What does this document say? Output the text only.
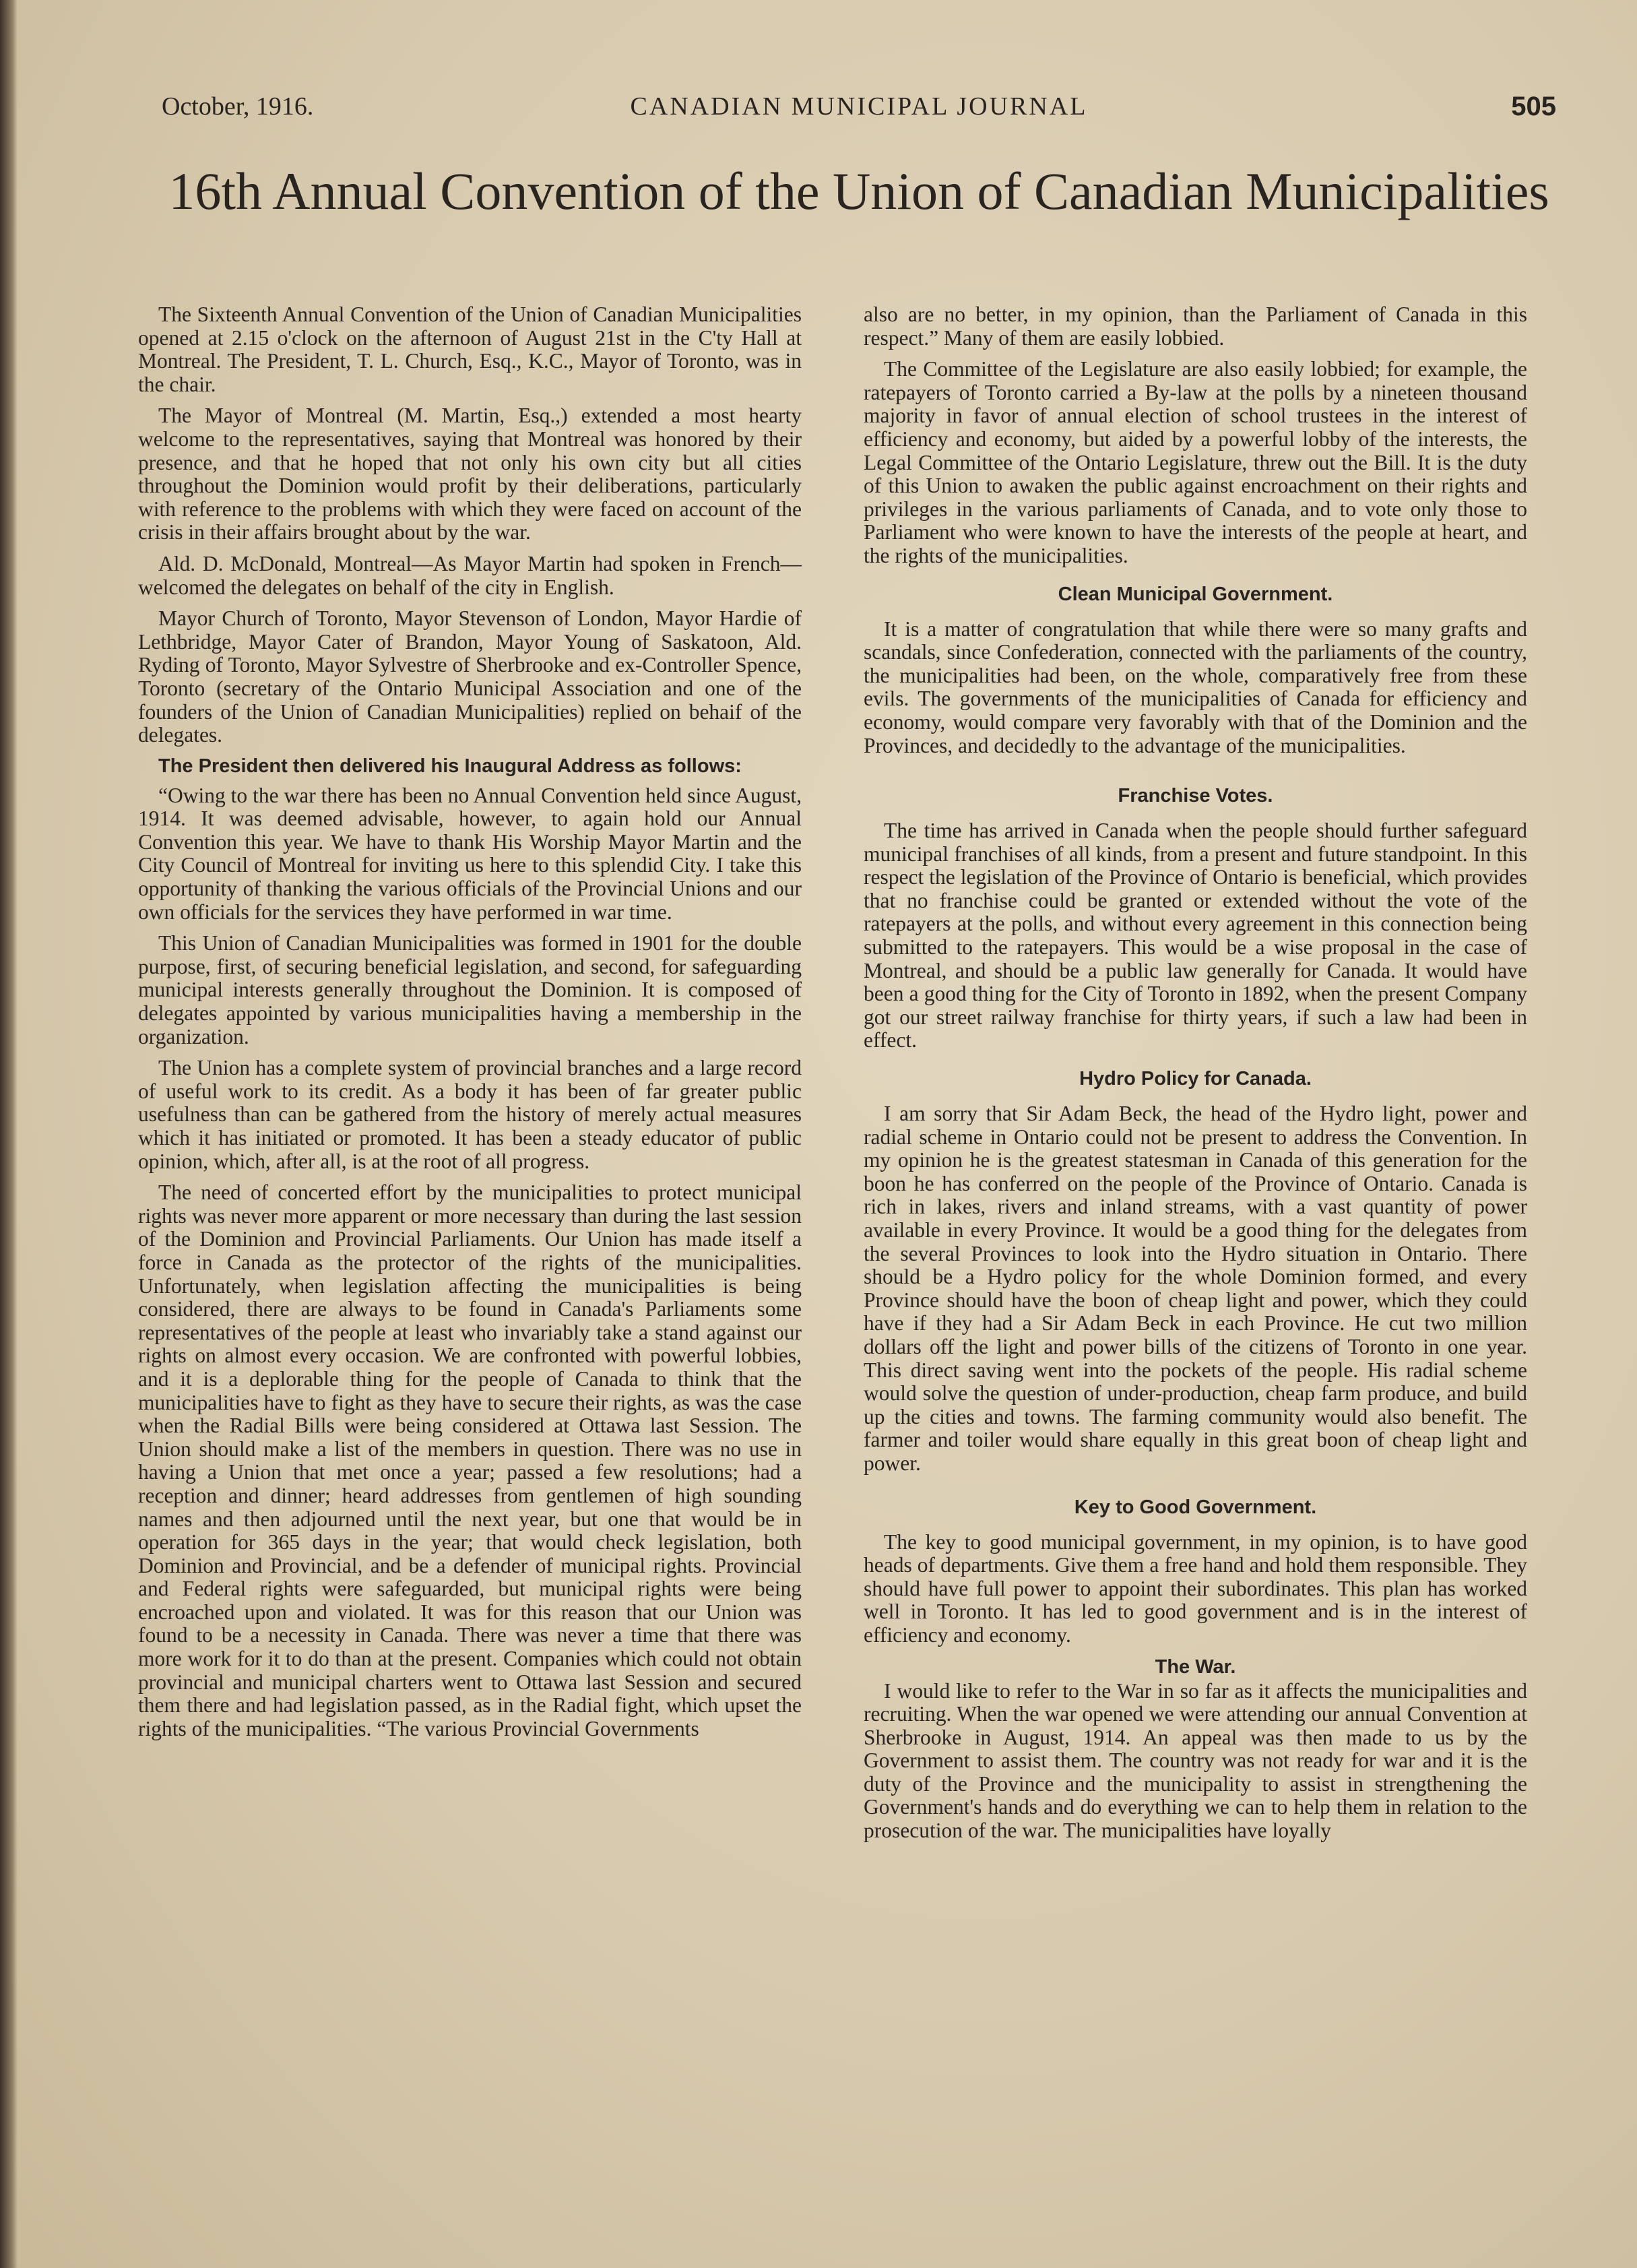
October, 1916.	CANADIAN MUNICIPAL JOURNAL	505
16th Annual Convention of the Union of Canadian Municipalities

The Sixteenth Annual Convention of the Union of Canadian Municipalities opened at 2.15 o'clock on the afternoon of August 21st in the C'ty Hall at Montreal. The President, T. L. Church, Esq., K.C., Mayor of Toronto, was in the chair.

The Mayor of Montreal (M. Martin, Esq.,) extended a most hearty welcome to the representatives, saying that Montreal was honored by their presence, and that he hoped that not only his own city but all cities throughout the Dominion would profit by their deliberations, particularly with reference to the problems with which they were faced on account of the crisis in their affairs brought about by the war.

Ald. D. McDonald, Montreal—As Mayor Martin had spoken in French—welcomed the delegates on behalf of the city in English.

Mayor Church of Toronto, Mayor Stevenson of London, Mayor Hardie of Lethbridge, Mayor Cater of Brandon, Mayor Young of Saskatoon, Ald. Ryding of Toronto, Mayor Sylvestre of Sherbrooke and ex-Controller Spence, Toronto (secretary of the Ontario Municipal Association and one of the founders of the Union of Canadian Municipalities) replied on behaif of the delegates.

The President then delivered his Inaugural Address as follows:

“Owing to the war there has been no Annual Convention held since August, 1914. It was deemed advisable, however, to again hold our Annual Convention this year. We have to thank His Worship Mayor Martin and the City Council of Montreal for inviting us here to this splendid City. I take this opportunity of thanking the various officials of the Provincial Unions and our own officials for the services they have performed in war time.

This Union of Canadian Municipalities was formed in 1901 for the double purpose, first, of securing beneficial legislation, and second, for safeguarding municipal interests generally throughout the Dominion. It is composed of delegates appointed by various municipalities having a membership in the organization.

The Union has a complete system of provincial branches and a large record of useful work to its credit. As a body it has been of far greater public usefulness than can be gathered from the history of merely actual measures which it has initiated or promoted. It has been a steady educator of public opinion, which, after all, is at the root of all progress.

The need of concerted effort by the municipalities to protect municipal rights was never more apparent or more necessary than during the last session of the Dominion and Provincial Parliaments. Our Union has made itself a force in Canada as the protector of the rights of the municipalities. Unfortunately, when legislation affecting the municipalities is being considered, there are always to be found in Canada's Parliaments some representatives of the people at least who invariably take a stand against our rights on almost every occasion. We are confronted with powerful lobbies, and it is a deplorable thing for the people of Canada to think that the municipalities have to fight as they have to secure their rights, as was the case when the Radial Bills were being considered at Ottawa last Session. The Union should make a list of the members in question. There was no use in having a Union that met once a year; passed a few resolutions; had a reception and dinner; heard addresses from gentlemen of high sounding names and then adjourned until the next year, but one that would be in operation for 365 days in the year; that would check legislation, both Dominion and Provincial, and be a defender of municipal rights. Provincial and Federal rights were safeguarded, but municipal rights were being encroached upon and violated. It was for this reason that our Union was found to be a necessity in Canada. There was never a time that there was more work for it to do than at the present. Companies which could not obtain provincial and municipal charters went to Ottawa last Session and secured them there and had legislation passed, as in the Radial fight, which upset the rights of the municipalities. “The various Provincial Governments

also are no better, in my opinion, than the Parliament of Canada in this respect.” Many of them are easily lobbied.

The Committee of the Legislature are also easily lobbied; for example, the ratepayers of Toronto carried a By-law at the polls by a nineteen thousand majority in favor of annual election of school trustees in the interest of efficiency and economy, but aided by a powerful lobby of the interests, the Legal Committee of the Ontario Legislature, threw out the Bill. It is the duty of this Union to awaken the public against encroachment on their rights and privileges in the various parliaments of Canada, and to vote only those to Parliament who were known to have the interests of the people at heart, and the rights of the municipalities.

Clean Municipal Government.

It is a matter of congratulation that while there were so many grafts and scandals, since Confederation, connected with the parliaments of the country, the municipalities had been, on the whole, comparatively free from these evils. The governments of the municipalities of Canada for efficiency and economy, would compare very favorably with that of the Dominion and the Provinces, and decidedly to the advantage of the municipalities.

Franchise Votes.

The time has arrived in Canada when the people should further safeguard municipal franchises of all kinds, from a present and future standpoint. In this respect the legislation of the Province of Ontario is beneficial, which provides that no franchise could be granted or extended without the vote of the ratepayers at the polls, and without every agreement in this connection being submitted to the ratepayers. This would be a wise proposal in the case of Montreal, and should be a public law generally for Canada. It would have been a good thing for the City of Toronto in 1892, when the present Company got our street railway franchise for thirty years, if such a law had been in effect.

Hydro Policy for Canada.

I am sorry that Sir Adam Beck, the head of the Hydro light, power and radial scheme in Ontario could not be present to address the Convention. In my opinion he is the greatest statesman in Canada of this generation for the boon he has conferred on the people of the Province of Ontario. Canada is rich in lakes, rivers and inland streams, with a vast quantity of power available in every Province. It would be a good thing for the delegates from the several Provinces to look into the Hydro situation in Ontario. There should be a Hydro policy for the whole Dominion formed, and every Province should have the boon of cheap light and power, which they could have if they had a Sir Adam Beck in each Province. He cut two million dollars off the light and power bills of the citizens of Toronto in one year. This direct saving went into the pockets of the people. His radial scheme would solve the question of under-production, cheap farm produce, and build up the cities and towns. The farming community would also benefit. The farmer and toiler would share equally in this great boon of cheap light and power.

Key to Good Government.

The key to good municipal government, in my opinion, is to have good heads of departments. Give them a free hand and hold them responsible. They should have full power to appoint their subordinates. This plan has worked well in Toronto. It has led to good government and is in the interest of efficiency and economy.

The War.

I would like to refer to the War in so far as it affects the municipalities and recruiting. When the war opened we were attending our annual Convention at Sherbrooke in August, 1914. An appeal was then made to us by the Government to assist them. The country was not ready for war and it is the duty of the Province and the municipality to assist in strengthening the Government's hands and do everything we can to help them in relation to the prosecution of the war. The municipalities have loyally
